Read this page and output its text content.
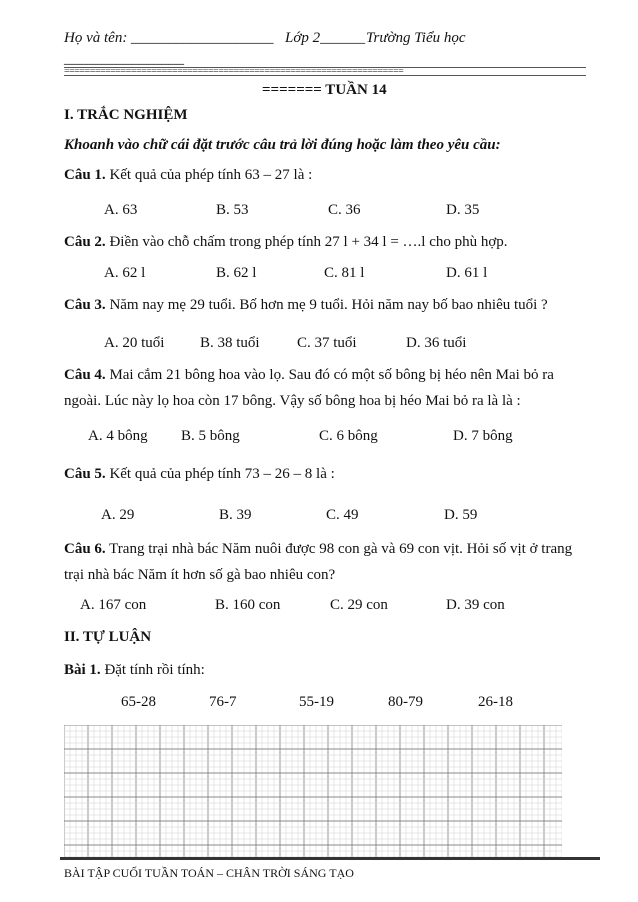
Họ và tên: ___________________ Lớp 2______ Trường Tiểu học
________________
==================================================================
======= TUẦN 14
I. TRẮC NGHIỆM
Khoanh vào chữ cái đặt trước câu trả lời đúng hoặc làm theo yêu cầu:
Câu 1. Kết quả của phép tính 63 – 27 là :
A. 63	B. 53	C. 36	D. 35
Câu 2. Điền vào chỗ chấm trong phép tính 27 l + 34 l = ….l cho phù hợp.
A. 62 l	B. 62 l	C. 81 l	D. 61 l
Câu 3. Năm nay mẹ 29 tuổi. Bố hơn mẹ 9 tuổi. Hỏi năm nay bố bao nhiêu tuổi ?
A. 20 tuổi B. 38 tuổi C. 37 tuổi	D. 36 tuổi
Câu 4. Mai cắm 21 bông hoa vào lọ. Sau đó có một số bông bị héo nên Mai bỏ ra
ngoài. Lúc này lọ hoa còn 17 bông. Vậy số bông hoa bị héo Mai bỏ ra là là :
A. 4 bông B. 5 bông	C. 6 bông	D. 7 bông
Câu 5. Kết quả của phép tính 73 – 26 – 8 là :
A. 29	B. 39	C. 49	D. 59
Câu 6. Trang trại nhà bác Năm nuôi được 98 con gà và 69 con vịt. Hỏi số vịt ở trang
trại nhà bác Năm ít hơn số gà bao nhiêu con?
A. 167 con	B. 160 con	C. 29 con	D. 39 con
II. TỰ LUẬN
Bài 1. Đặt tính rồi tính:
65-28	76-7	55-19	80-79	26-18
BÀI TẬP CUỐI TUẦN TOÁN – CHÂN TRỜI SÁNG TẠO
